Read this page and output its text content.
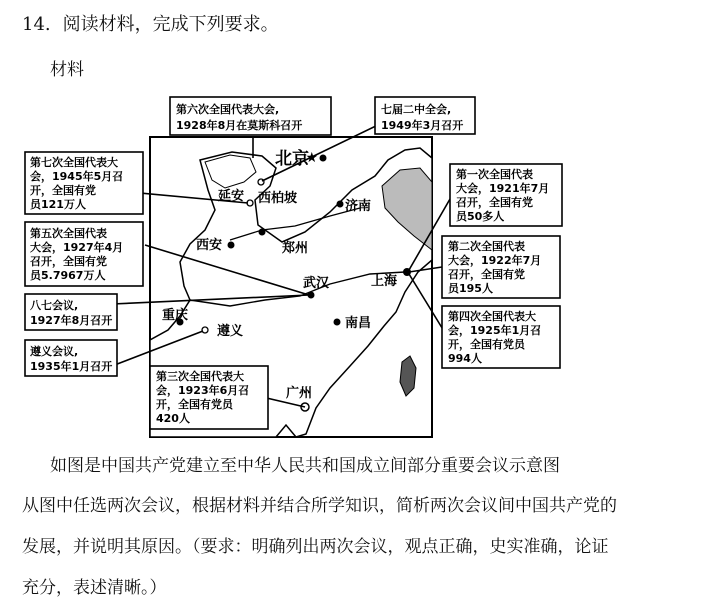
14. 阅读材料，完成下列要求。
材料
★
北京
西柏坡
延安
济南
西安	郑州
上海
武汉
重庆
南昌
遵义
广州
第六次全国代表大会,
1928年8月在莫斯科召开
七届二中全会,
1949年3月召开
第七次全国代表大
会，1945年5月召
开，全国有党
员121万人
第五次全国代表
大会，1927年4月
召开，全国有党
员5.7967万人
八七会议,
1927年8月召开
遵义会议,
1935年1月召开
第三次全国代表大
会，1923年6月召
开，全国有党员
420人
第一次全国代表
大会，1921年7月
召开，全国有党
员50多人
第二次全国代表
大会，1922年7月
召开，全国有党
员195人
第四次全国代表大
会，1925年1月召
开，全国有党员
994人
如图是中国共产党建立至中华人民共和国成立间部分重要会议示意图
从图中任选两次会议，根据材料并结合所学知识，简析两次会议间中国共产党的
发展，并说明其原因。（要求：明确列出两次会议，观点正确，史实准确，论证
充分，表述清晰。）
